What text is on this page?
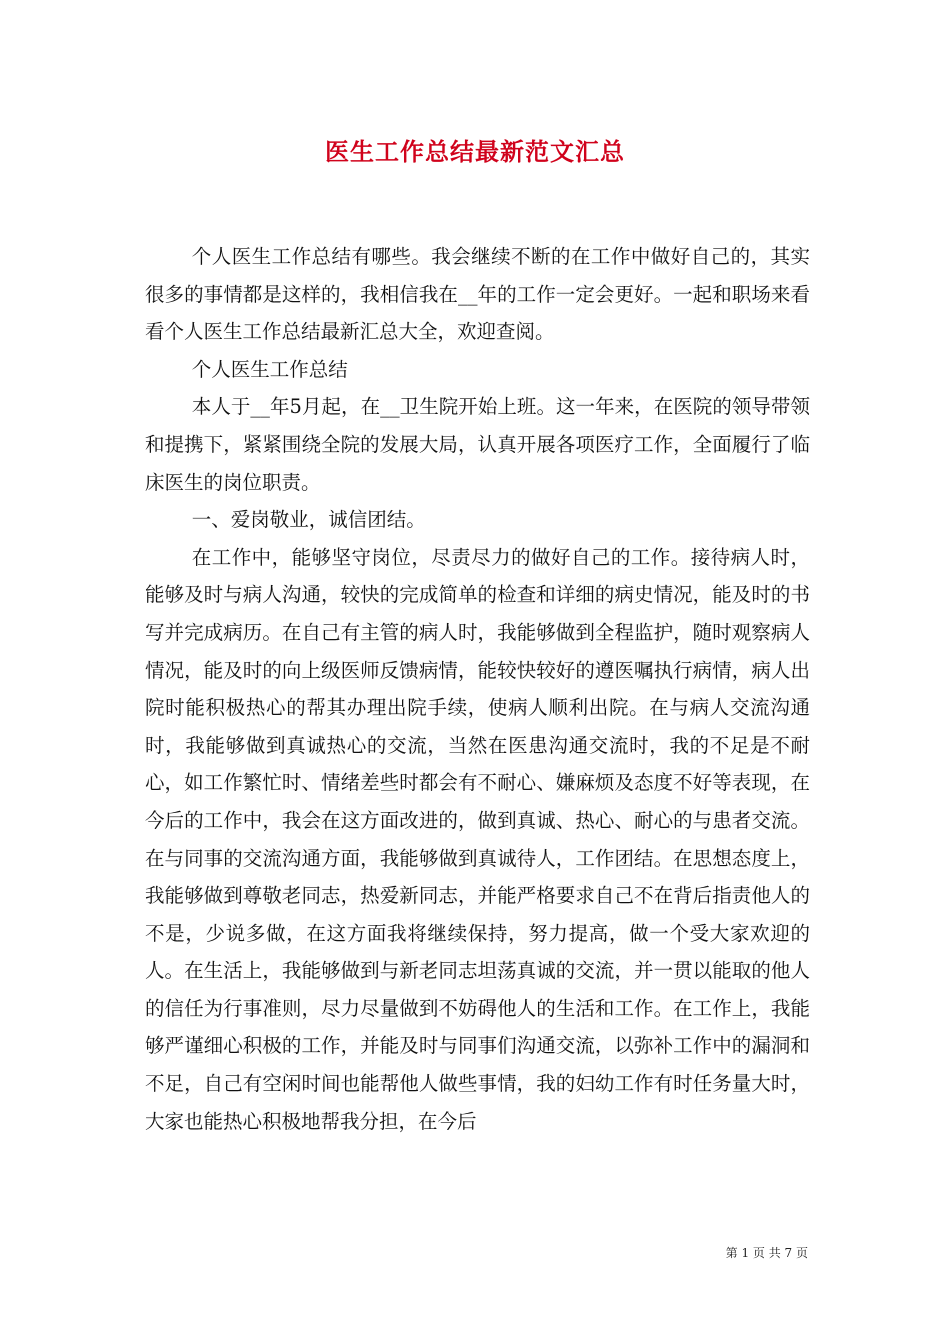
医生工作总结最新范文汇总

个人医生工作总结有哪些。我会继续不断的在工作中做好自己的，其实很多的事情都是这样的，我相信我在__年的工作一定会更好。一起和职场来看看个人医生工作总结最新汇总大全，欢迎查阅。

个人医生工作总结

本人于__年5月起，在__卫生院开始上班。这一年来，在医院的领导带领和提携下，紧紧围绕全院的发展大局，认真开展各项医疗工作，全面履行了临床医生的岗位职责。

一、爱岗敬业，诚信团结。

在工作中，能够坚守岗位，尽责尽力的做好自己的工作。接待病人时，能够及时与病人沟通，较快的完成简单的检查和详细的病史情况，能及时的书写并完成病历。在自己有主管的病人时，我能够做到全程监护，随时观察病人情况，能及时的向上级医师反馈病情，能较快较好的遵医嘱执行病情，病人出院时能积极热心的帮其办理出院手续，使病人顺利出院。在与病人交流沟通时，我能够做到真诚热心的交流，当然在医患沟通交流时，我的不足是不耐心，如工作繁忙时、情绪差些时都会有不耐心、嫌麻烦及态度不好等表现，在今后的工作中，我会在这方面改进的，做到真诚、热心、耐心的与患者交流。在与同事的交流沟通方面，我能够做到真诚待人，工作团结。在思想态度上，我能够做到尊敬老同志，热爱新同志，并能严格要求自己不在背后指责他人的不是，少说多做，在这方面我将继续保持，努力提高，做一个受大家欢迎的人。在生活上，我能够做到与新老同志坦荡真诚的交流，并一贯以能取的他人的信任为行事准则，尽力尽量做到不妨碍他人的生活和工作。在工作上，我能够严谨细心积极的工作，并能及时与同事们沟通交流，以弥补工作中的漏洞和不足，自己有空闲时间也能帮他人做些事情，我的妇幼工作有时任务量大时，大家也能热心积极地帮我分担，在今后

第 1 页 共 7 页
